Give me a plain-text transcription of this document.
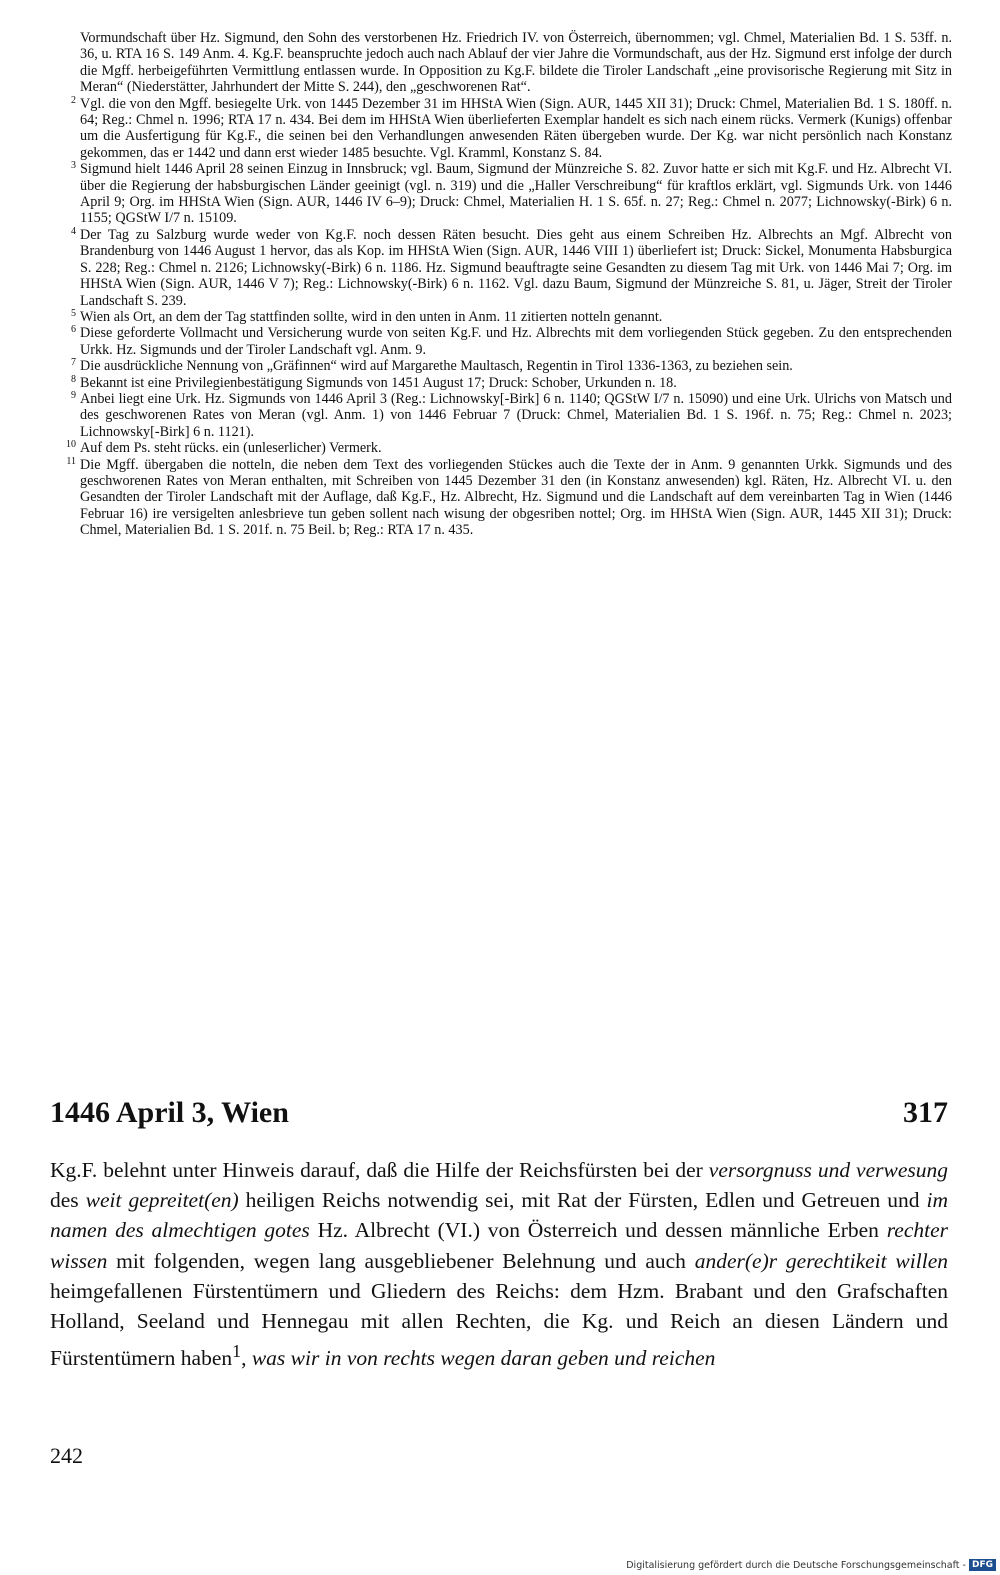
Vormundschaft über Hz. Sigmund, den Sohn des verstorbenen Hz. Friedrich IV. von Österreich, übernommen; vgl. Chmel, Materialien Bd. 1 S. 53ff. n. 36, u. RTA 16 S. 149 Anm. 4. Kg.F. beanspruchte jedoch auch nach Ablauf der vier Jahre die Vormundschaft, aus der Hz. Sigmund erst infolge der durch die Mgff. herbeigeführten Vermittlung entlassen wurde. In Opposition zu Kg.F. bildete die Tiroler Landschaft „eine provisorische Regierung mit Sitz in Meran“ (Niederstätter, Jahrhundert der Mitte S. 244), den „geschworenen Rat“.
2 Vgl. die von den Mgff. besiegelte Urk. von 1445 Dezember 31 im HHStA Wien (Sign. AUR, 1445 XII 31); Druck: Chmel, Materialien Bd. 1 S. 180ff. n. 64; Reg.: Chmel n. 1996; RTA 17 n. 434. Bei dem im HHStA Wien überlieferten Exemplar handelt es sich nach einem rücks. Vermerk (Kunigs) offenbar um die Ausfertigung für Kg.F., die seinen bei den Verhandlungen anwesenden Räten übergeben wurde. Der Kg. war nicht persönlich nach Konstanz gekommen, das er 1442 und dann erst wieder 1485 besuchte. Vgl. Kramml, Konstanz S. 84.
3 Sigmund hielt 1446 April 28 seinen Einzug in Innsbruck; vgl. Baum, Sigmund der Münzreiche S. 82. Zuvor hatte er sich mit Kg.F. und Hz. Albrecht VI. über die Regierung der habsburgischen Länder geeinigt (vgl. n. 319) und die „Haller Verschreibung“ für kraftlos erklärt, vgl. Sigmunds Urk. von 1446 April 9; Org. im HHStA Wien (Sign. AUR, 1446 IV 6–9); Druck: Chmel, Materialien H. 1 S. 65f. n. 27; Reg.: Chmel n. 2077; Lichnowsky(-Birk) 6 n. 1155; QGStW I/7 n. 15109.
4 Der Tag zu Salzburg wurde weder von Kg.F. noch dessen Räten besucht. Dies geht aus einem Schreiben Hz. Albrechts an Mgf. Albrecht von Brandenburg von 1446 August 1 hervor, das als Kop. im HHStA Wien (Sign. AUR, 1446 VIII 1) überliefert ist; Druck: Sickel, Monumenta Habsburgica S. 228; Reg.: Chmel n. 2126; Lichnowsky(-Birk) 6 n. 1186. Hz. Sigmund beauftragte seine Gesandten zu diesem Tag mit Urk. von 1446 Mai 7; Org. im HHStA Wien (Sign. AUR, 1446 V 7); Reg.: Lichnowsky(-Birk) 6 n. 1162. Vgl. dazu Baum, Sigmund der Münzreiche S. 81, u. Jäger, Streit der Tiroler Landschaft S. 239.
5 Wien als Ort, an dem der Tag stattfinden sollte, wird in den unten in Anm. 11 zitierten notteln genannt.
6 Diese geforderte Vollmacht und Versicherung wurde von seiten Kg.F. und Hz. Albrechts mit dem vorliegenden Stück gegeben. Zu den entsprechenden Urkk. Hz. Sigmunds und der Tiroler Landschaft vgl. Anm. 9.
7 Die ausdrückliche Nennung von „Gräfinnen“ wird auf Margarethe Maultasch, Regentin in Tirol 1336-1363, zu beziehen sein.
8 Bekannt ist eine Privilegienbestätigung Sigmunds von 1451 August 17; Druck: Schober, Urkunden n. 18.
9 Anbei liegt eine Urk. Hz. Sigmunds von 1446 April 3 (Reg.: Lichnowsky[-Birk] 6 n. 1140; QGStW I/7 n. 15090) und eine Urk. Ulrichs von Matsch und des geschworenen Rates von Meran (vgl. Anm. 1) von 1446 Februar 7 (Druck: Chmel, Materialien Bd. 1 S. 196f. n. 75; Reg.: Chmel n. 2023; Lichnowsky[-Birk] 6 n. 1121).
10 Auf dem Ps. steht rücks. ein (unleserlicher) Vermerk.
11 Die Mgff. übergaben die notteln, die neben dem Text des vorliegenden Stückes auch die Texte der in Anm. 9 genannten Urkk. Sigmunds und des geschworenen Rates von Meran enthalten, mit Schreiben von 1445 Dezember 31 den (in Konstanz anwesenden) kgl. Räten, Hz. Albrecht VI. u. den Gesandten der Tiroler Landschaft mit der Auflage, daß Kg.F., Hz. Albrecht, Hz. Sigmund und die Landschaft auf dem vereinbarten Tag in Wien (1446 Februar 16) ire versigelten anlesbrieve tun geben sollent nach wisung der obgesriben nottel; Org. im HHStA Wien (Sign. AUR, 1445 XII 31); Druck: Chmel, Materialien Bd. 1 S. 201f. n. 75 Beil. b; Reg.: RTA 17 n. 435.
1446 April 3, Wien	317
Kg.F. belehnt unter Hinweis darauf, daß die Hilfe der Reichsfürsten bei der versorgnuss und verwesung des weit gepreitet(en) heiligen Reichs notwendig sei, mit Rat der Fürsten, Edlen und Getreuen und im namen des almechtigen gotes Hz. Albrecht (VI.) von Österreich und dessen männliche Erben rechter wissen mit folgenden, wegen lang ausgebliebener Belehnung und auch ander(e)r gerechtikeit willen heimgefallenen Fürstentümern und Gliedern des Reichs: dem Hzm. Brabant und den Grafschaften Holland, Seeland und Hennegau mit allen Rechten, die Kg. und Reich an diesen Ländern und Fürstentümern haben$^1$, was wir in von rechts wegen daran geben und reichen
242
Digitalisierung gefördert durch die Deutsche Forschungsgemeinschaft - DFG
